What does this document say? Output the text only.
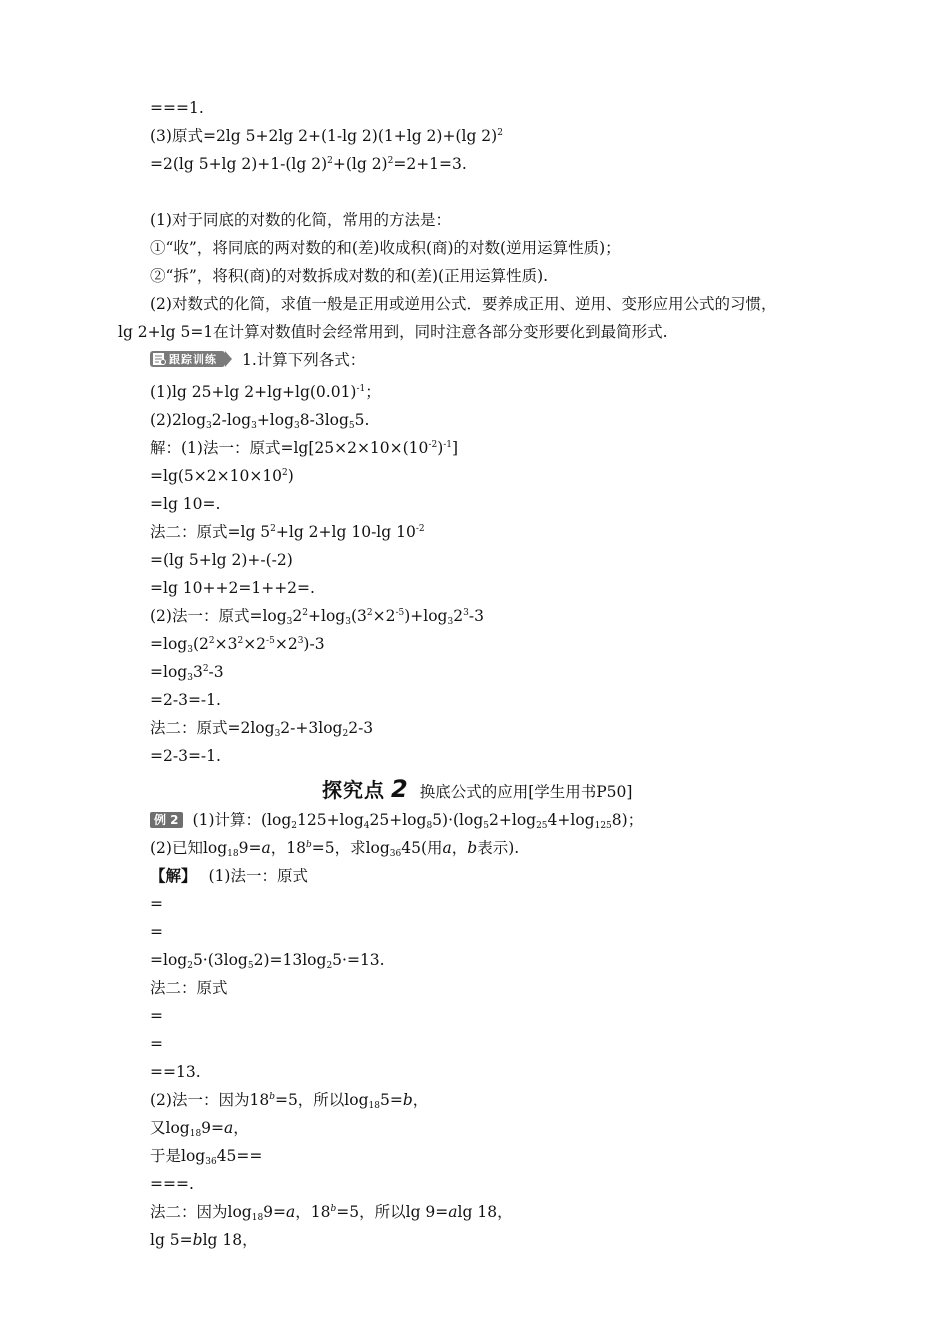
===1.
(3)原式=2lg 5+2lg 2+(1-lg 2)(1+lg 2)+(lg 2)$^2$
=2(lg 5+lg 2)+1-(lg 2)$^2$+(lg 2)$^2$=2+1=3.
(1)对于同底的对数的化简，常用的方法是：
①“收”，将同底的两对数的和(差)收成积(商)的对数(逆用运算性质)；
②“拆”，将积(商)的对数拆成对数的和(差)(正用运算性质).
(2)对数式的化简，求值一般是正用或逆用公式．要养成正用、逆用、变形应用公式的习惯，
lg 2+lg 5=1在计算对数值时会经常用到，同时注意各部分变形要化到最简形式.
跟踪训练 1.计算下列各式：
(1)lg 25+lg $2+\lg+\lg(0.01)^{-1}$；
$(2)2\log_32-\log_3+\log_38-3\log_55$.
解：(1)法一：原式$=\lg[25\times 2\times 10\times(10^{-2})^{-1}]$
$=\lg(5\times 2\times 10\times 10^2)$
=lg 10=.
法二：原式=lg $5^2+\lg$ 2+lg 10-lg $10^{-2}$
=(lg 5+lg 2)+-(-2)
=lg 10++2=1++2=.
(2)法一：原式$=\log_32^2+\log_3(3^2\times 2^{-5})+\log_32^3-3$
$=\log_3(2^2\times 3^2\times 2^{-5}\times 2^3)-3$
$=\log_33^2-3$
=2-3=-1.
法二：原式$=2\log_32-+3\log_22-3$
=2-3=-1.
探究点 2 换底公式的应用[学生用书P50]
例 2 (1)计算：$(\log_2125+\log_425+\log_85)\cdot(\log_52+\log_{25}4+\log_{125}8)$；
(2)已知$\log_{18}9=a$，$18^b=5$，求$\log_{36}45$(用a，b表示).
【解】 (1)法一：原式
=
=
$=\log_25\cdot(3\log_52)=13\log_25\cdot=13$.
法二：原式
=
=
==13.
(2)法一：因为$18^b=5$，所以$\log_{18}5=b$，
又$\log_{18}9=a$，
于是$\log_{36}45==$
===.
法二：因为$\log_{18}9=a$，$18^b=5$，所以lg 9=alg 18，
lg 5=blg 18，
